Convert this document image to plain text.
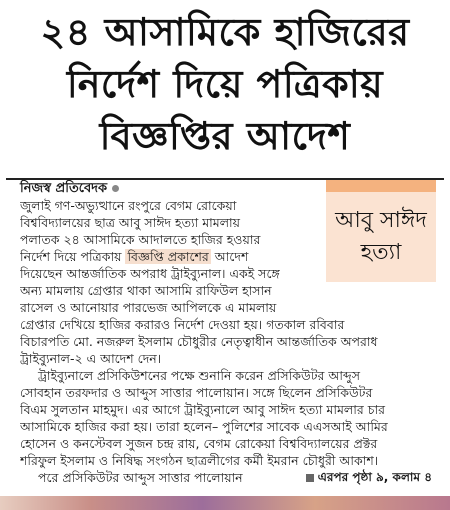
২৪ আসামিকে হাজিরের
নির্দেশ দিয়ে পত্রিকায়
বিজ্ঞপ্তির আদেশ
নিজস্ব প্রতিবেদক
আবু সাঈদ
হত্যা
জুলাই গণ-অভ্যুত্থানে রংপুরে বেগম রোকেয়া
বিশ্ববিদ্যালয়ের ছাত্র আবু সাঈদ হত্যা মামলায়
পলাতক ২৪ আসামিকে আদালতে হাজির হওয়ার
নির্দেশ দিয়ে পত্রিকায় বিজ্ঞপ্তি প্রকাশের আদেশ
দিয়েছেন আন্তর্জাতিক অপরাধ ট্রাইব্যুনাল। একই সঙ্গে
অন্য মামলায় গ্রেপ্তার থাকা আসামি রাফিউল হাসান
রাসেল ও আনোয়ার পারভেজ আপিলকে এ মামলায়
গ্রেপ্তার দেখিয়ে হাজির করারও নির্দেশ দেওয়া হয়। গতকাল রবিবার
বিচারপতি মো. নজরুল ইসলাম চৌধুরীর নেতৃত্বাধীন আন্তর্জাতিক অপরাধ
ট্রাইব্যুনাল-২ এ আদেশ দেন।
ট্রাইব্যুনালে প্রসিকিউশনের পক্ষে শুনানি করেন প্রসিকিউটর আব্দুস
সোবহান তরফদার ও আব্দুস সাত্তার পালোয়ান। সঙ্গে ছিলেন প্রসিকিউটর
বিএম সুলতান মাহমুদ। এর আগে ট্রাইব্যুনালে আবু সাঈদ হত্যা মামলার চার
আসামিকে হাজির করা হয়। তারা হলেন– পুলিশের সাবেক এএসআই আমির
হোসেন ও কনস্টেবল সুজন চন্দ্র রায়, বেগম রোকেয়া বিশ্ববিদ্যালয়ের প্রক্টর
শরিফুল ইসলাম ও নিষিদ্ধ সংগঠন ছাত্রলীগের কর্মী ইমরান চৌধুরী আকাশ।
পরে প্রসিকিউটর আব্দুস সাত্তার পালোয়ান	এরপর পৃষ্ঠা ৯, কলাম ৪
